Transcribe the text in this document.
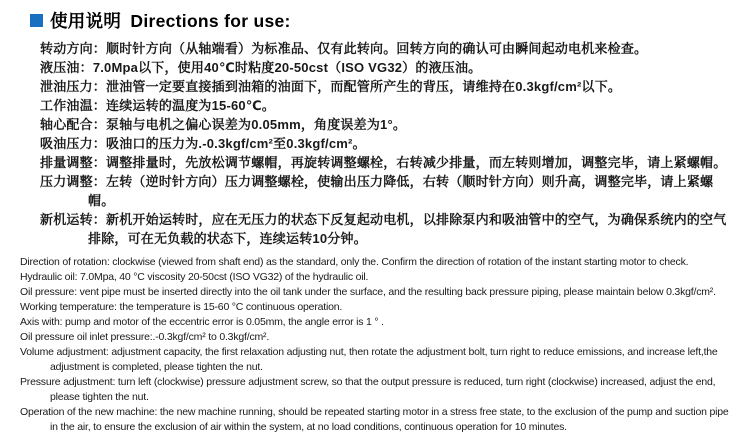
使用说明 Directions for use:
转动方向：顺时针方向（从轴端看）为标准品、仅有此转向。回转方向的确认可由瞬间起动电机来检查。
液压油：7.0Mpa以下，使用40℃时粘度20-50cst（ISO VG32）的液压油。
泄油压力：泄油管一定要直接插到油箱的油面下，而配管所产生的背压，请维持在0.3kgf/cm²以下。
工作油温：连续运转的温度为15-60℃。
轴心配合：泵轴与电机之偏心误差为0.05mm，角度误差为1°。
吸油压力：吸油口的压力为.-0.3kgf/cm²至0.3kgf/cm²。
排量调整：调整排量时，先放松调节螺帽，再旋转调整螺栓，右转减少排量，而左转则增加，调整完毕，请上紧螺帽。
压力调整：左转（逆时针方向）压力调整螺栓，使输出压力降低，右转（顺时针方向）则升高，调整完毕，请上紧螺帽。
新机运转：新机开始运转时，应在无压力的状态下反复起动电机，以排除泵内和吸油管中的空气，为确保系统内的空气排除，可在无负载的状态下，连续运转10分钟。
Direction of rotation: clockwise (viewed from shaft end) as the standard, only the. Confirm the direction of rotation of the instant starting motor to check.
Hydraulic oil: 7.0Mpa, 40 °C viscosity 20-50cst (ISO VG32) of the hydraulic oil.
Oil pressure: vent pipe must be inserted directly into the oil tank under the surface, and the resulting back pressure piping, please maintain below 0.3kgf/cm².
Working temperature: the temperature is 15-60 °C continuous operation.
Axis with: pump and motor of the eccentric error is 0.05mm, the angle error is 1 ° .
Oil pressure oil inlet pressure:.-0.3kgf/cm² to 0.3kgf/cm².
Volume adjustment: adjustment capacity, the first relaxation adjusting nut, then rotate the adjustment bolt, turn right to reduce emissions, and increase left,the adjustment is completed, please tighten the nut.
Pressure adjustment: turn left (clockwise) pressure adjustment screw, so that the output pressure is reduced, turn right (clockwise) increased, adjust the end, please tighten the nut.
Operation of the new machine: the new machine running, should be repeated starting motor in a stress free state, to the exclusion of the pump and suction pipe in the air, to ensure the exclusion of air within the system, at no load conditions, continuous operation for 10 minutes.
